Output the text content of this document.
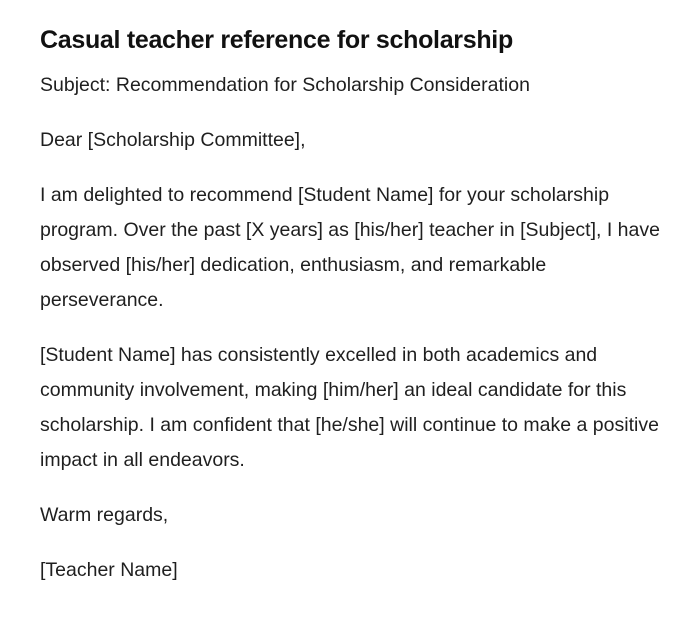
Casual teacher reference for scholarship

Subject: Recommendation for Scholarship Consideration

Dear [Scholarship Committee],

I am delighted to recommend [Student Name] for your scholarship program. Over the past [X years] as [his/her] teacher in [Subject], I have observed [his/her] dedication, enthusiasm, and remarkable perseverance.

[Student Name] has consistently excelled in both academics and community involvement, making [him/her] an ideal candidate for this scholarship. I am confident that [he/she] will continue to make a positive impact in all endeavors.

Warm regards,

[Teacher Name]
